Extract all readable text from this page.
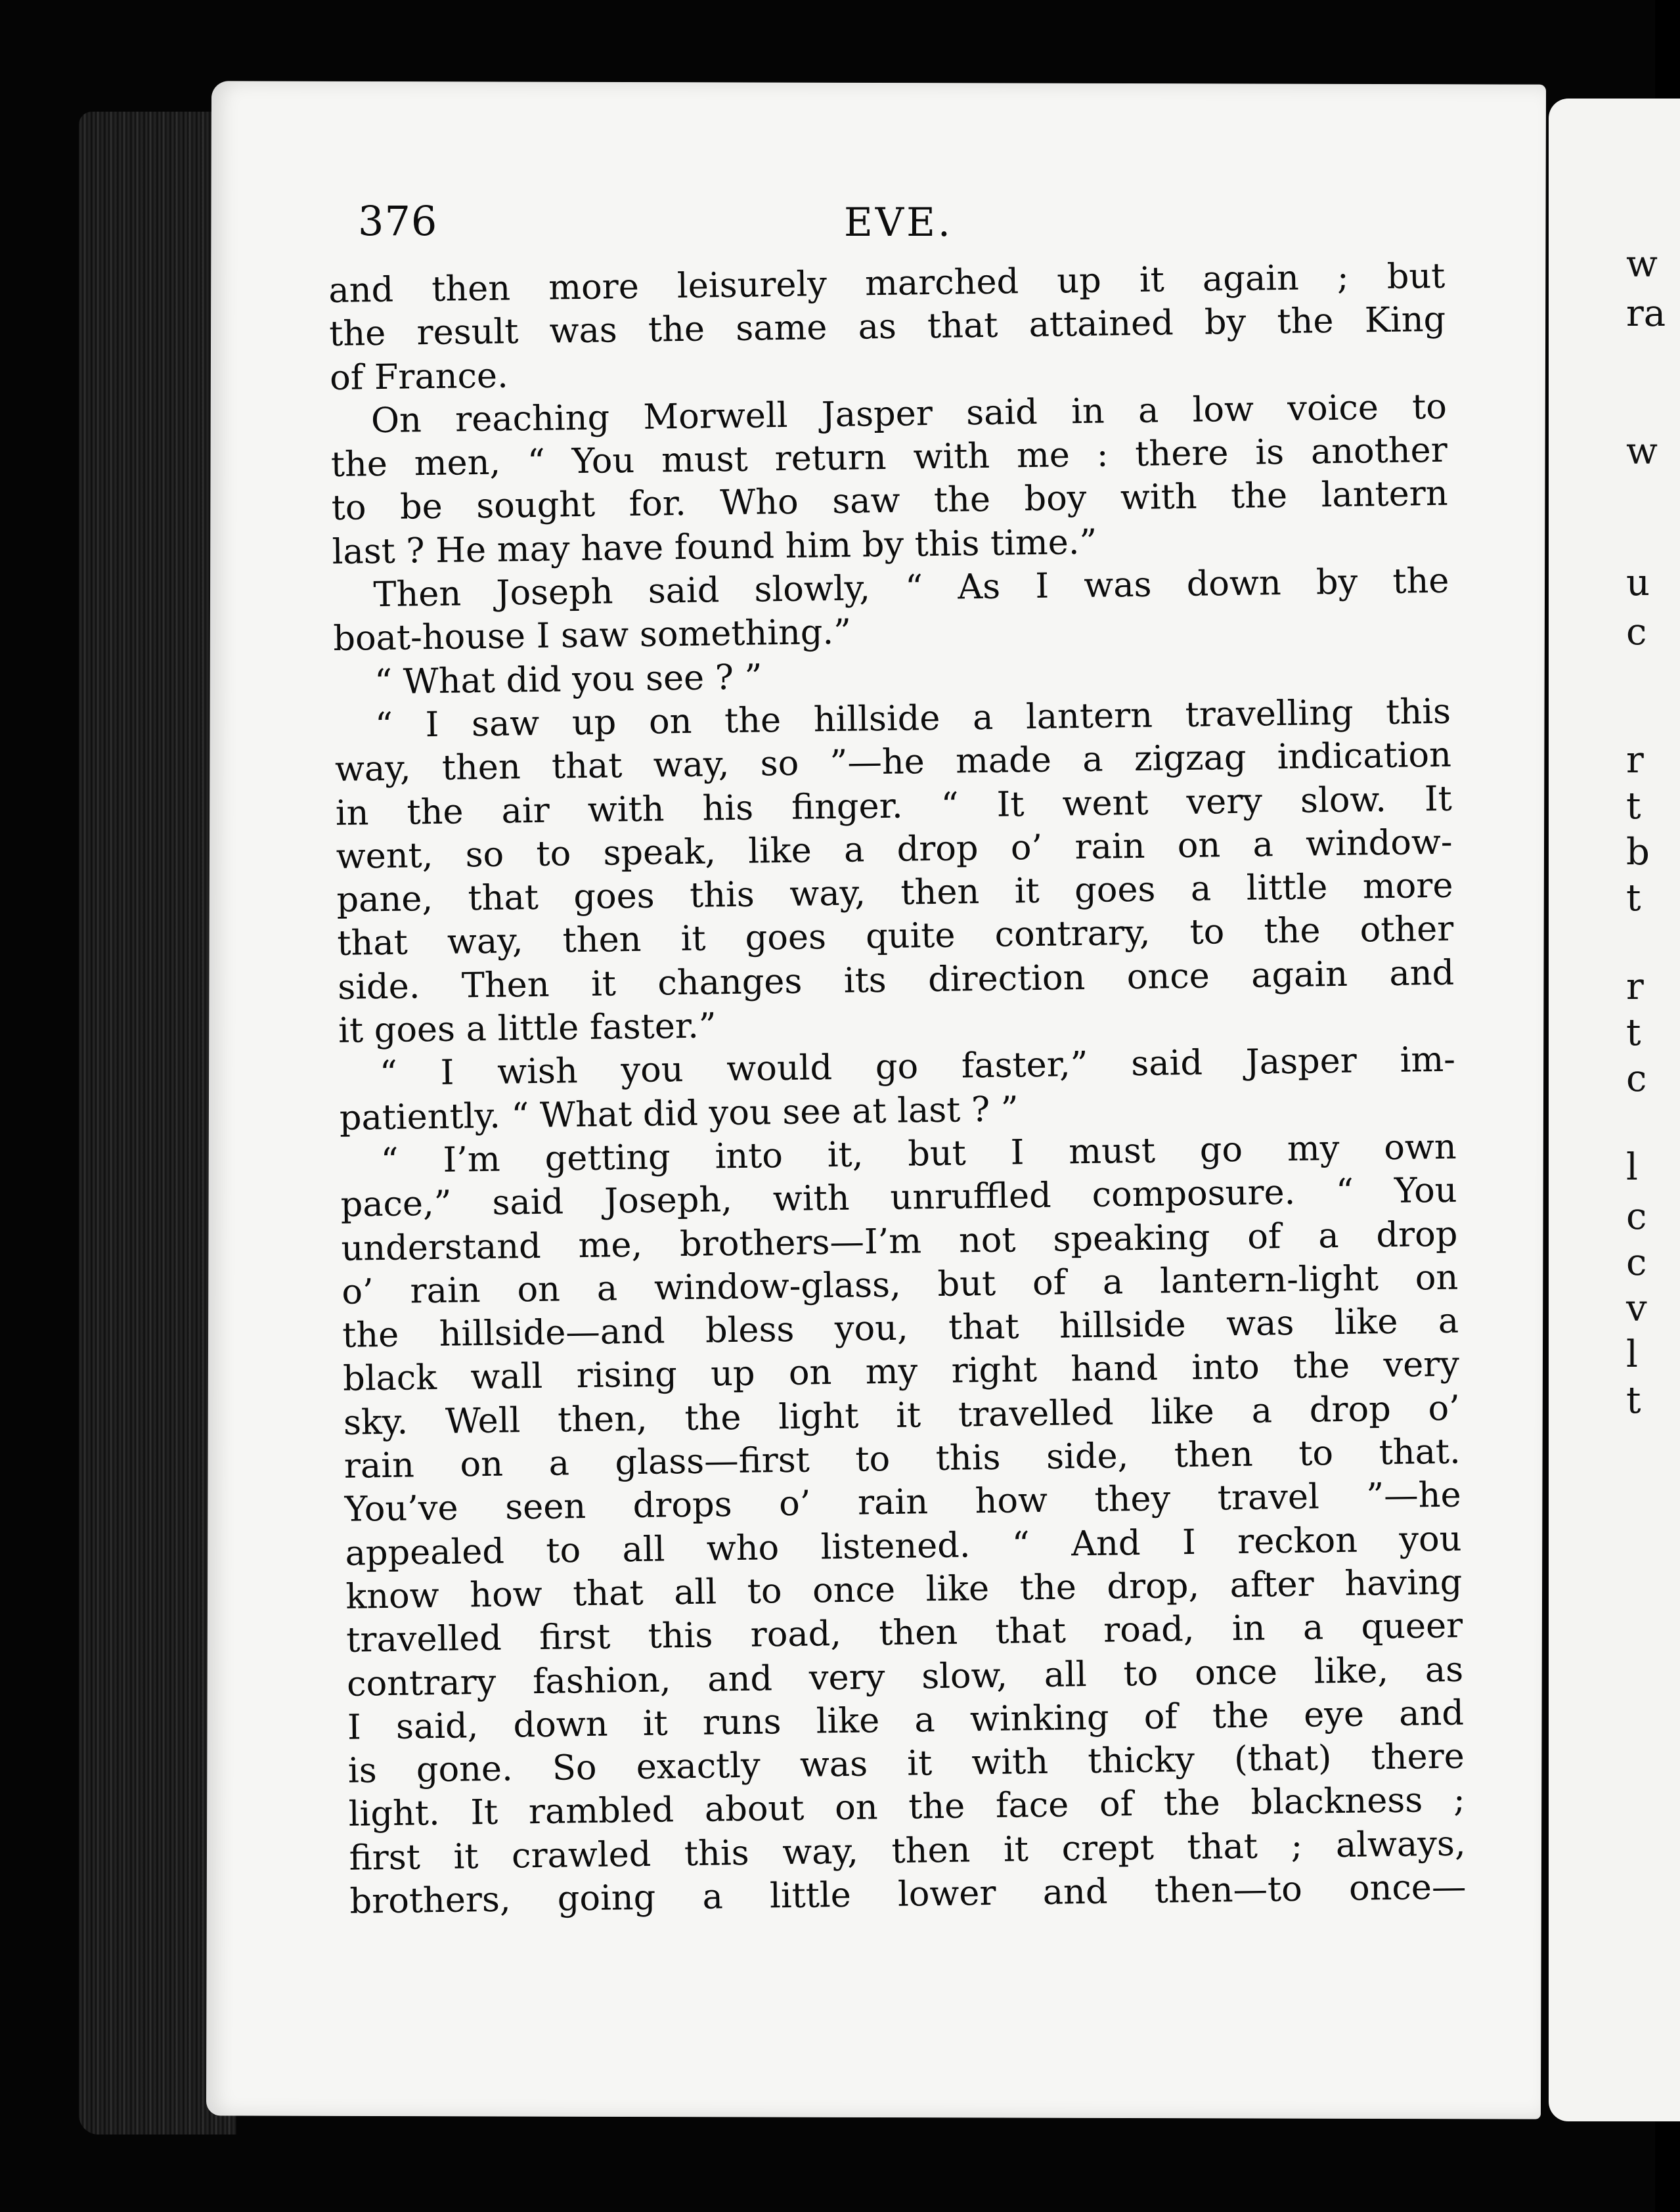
w
ra
w
u
c
r
t
b
t
r
t
c
l
c
c
v
l
t
376	EVE.
and then more leisurely marched up it again ; but
the result was the same as that attained by the King
of France.
On reaching Morwell Jasper said in a low voice to
the men, “ You must return with me : there is another
to be sought for. Who saw the boy with the lantern
last ? He may have found him by this time.”
Then Joseph said slowly, “ As I was down by the
boat-house I saw something.”
“ What did you see ? ”
“ I saw up on the hillside a lantern travelling this
way, then that way, so ”—he made a zigzag indication
in the air with his finger. “ It went very slow. It
went, so to speak, like a drop o’ rain on a window-
pane, that goes this way, then it goes a little more
that way, then it goes quite contrary, to the other
side. Then it changes its direction once again and
it goes a little faster.”
“ I wish you would go faster,” said Jasper im-
patiently. “ What did you see at last ? ”
“ I’m getting into it, but I must go my own
pace,” said Joseph, with unruffled composure. “ You
understand me, brothers—I’m not speaking of a drop
o’ rain on a window-glass, but of a lantern-light on
the hillside—and bless you, that hillside was like a
black wall rising up on my right hand into the very
sky. Well then, the light it travelled like a drop o’
rain on a glass—first to this side, then to that.
You’ve seen drops o’ rain how they travel ”—he
appealed to all who listened. “ And I reckon you
know how that all to once like the drop, after having
travelled first this road, then that road, in a queer
contrary fashion, and very slow, all to once like, as
I said, down it runs like a winking of the eye and
is gone. So exactly was it with thicky (that) there
light. It rambled about on the face of the blackness ;
first it crawled this way, then it crept that ; always,
brothers, going a little lower and then—to once—
